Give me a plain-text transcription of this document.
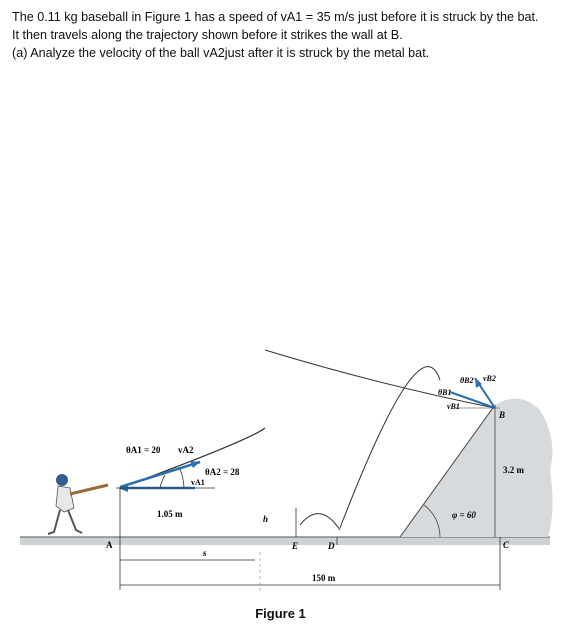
The 0.11 kg baseball in Figure 1 has a speed of vA1 = 35 m/s just before it is struck by the bat.

It then travels along the trajectory shown before it strikes the wall at B.

(a) Analyze the velocity of the ball vA2just after it is struck by the metal bat.

θA1 = 20 vA2
θA2 = 28
vA1
1.05 m
A
h
s
E	D
150 m
θB2 vB2
θB1
vB1
B
3.2 m
φ = 60
C
Figure 1
